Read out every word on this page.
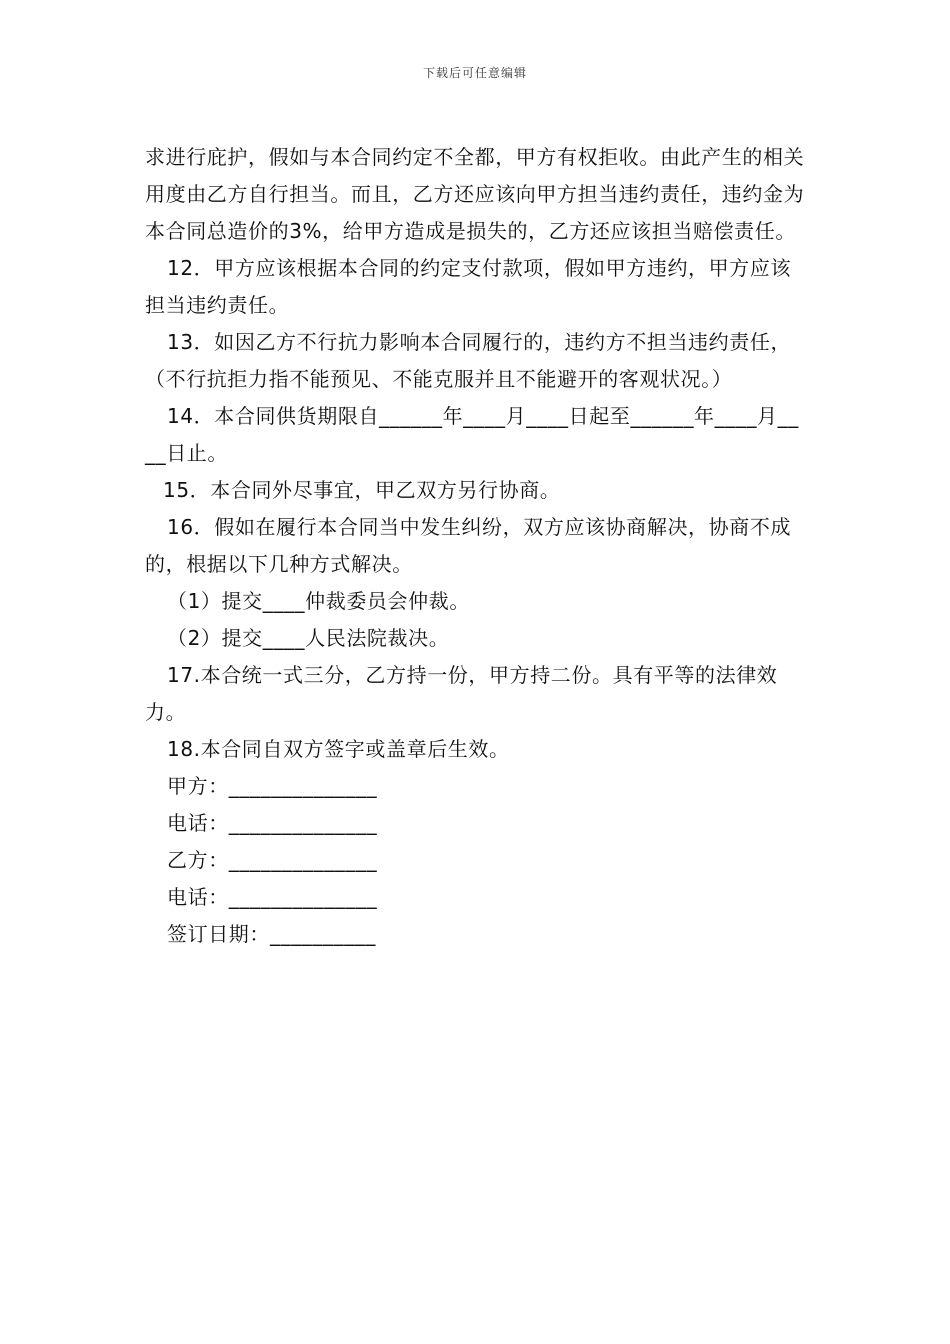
下载后可任意编辑

求进行庇护，假如与本合同约定不全都，甲方有权拒收。由此产生的相关用度由乙方自行担当。而且，乙方还应该向甲方担当违约责任，违约金为本合同总造价的3%，给甲方造成是损失的，乙方还应该担当赔偿责任。

12．甲方应该根据本合同的约定支付款项，假如甲方违约，甲方应该担当违约责任。

13．如因乙方不行抗力影响本合同履行的，违约方不担当违约责任，（不行抗拒力指不能预见、不能克服并且不能避开的客观状况。）

14．本合同供货期限自______年____月____日起至______年____月____日止。

15．本合同外尽事宜，甲乙双方另行协商。

16．假如在履行本合同当中发生纠纷，双方应该协商解决，协商不成的，根据以下几种方式解决。

（1）提交____仲裁委员会仲裁。

（2）提交____人民法院裁决。

17.本合统一式三分，乙方持一份，甲方持二份。具有平等的法律效力。

18.本合同自双方签字或盖章后生效。

甲方：______________

电话：______________

乙方：______________

电话：______________

签订日期：__________
